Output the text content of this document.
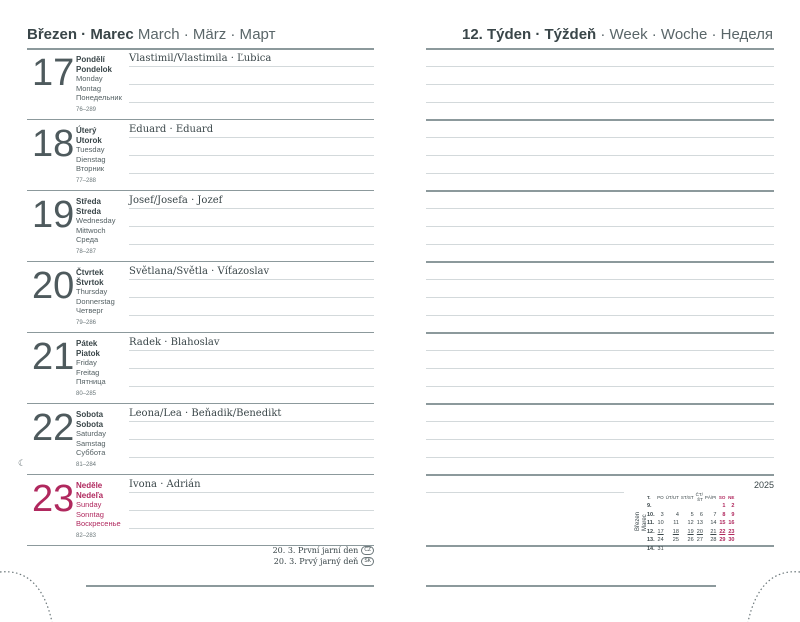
Březen · Marec March · März · Март
17 Pondělí
Pondelok
Monday
Montag
Понедельник
76–289
Vlastimil/Vlastimila · Ľubica
18 Úterý
Utorok
Tuesday
Dienstag
Вторник
77–288
Eduard · Eduard
19 Středa
Streda
Wednesday
Mittwoch
Среда
78–287
Josef/Josefa · Jozef
20 Čtvrtek
Štvrtok
Thursday
Donnerstag
Четверг
79–286
Světlana/Světla · Víťazoslav
21 Pátek
Piatok
Friday
Freitag
Пятница
80–285
Radek · Blahoslav
22 Sobota
Sobota
Saturday
Samstag
Суббота
81–284
Leona/Lea · Beňadik/Benedikt
23 Neděle
Nedeľa
Sunday
Sonntag
Воскресенье
82–283
Ivona · Adrián
20. 3. První jarní den	CZ
20. 3. Prvý jarný deň	SK
☾
12. Týden · Týždeň · Week · Woche · Неделя
2025
Březen Marec
T.	PO	ÚT/UT	ST/ST	ČT/ŠT	PÁ/PI	SO	NE
9.						1	2
10.	3	4	5	6	7	8	9
11.	10	11	12	13	14	15	16
12.	17	18	19	20	21	22	23
13.	24	25	26	27	28	29	30
14.	31						
